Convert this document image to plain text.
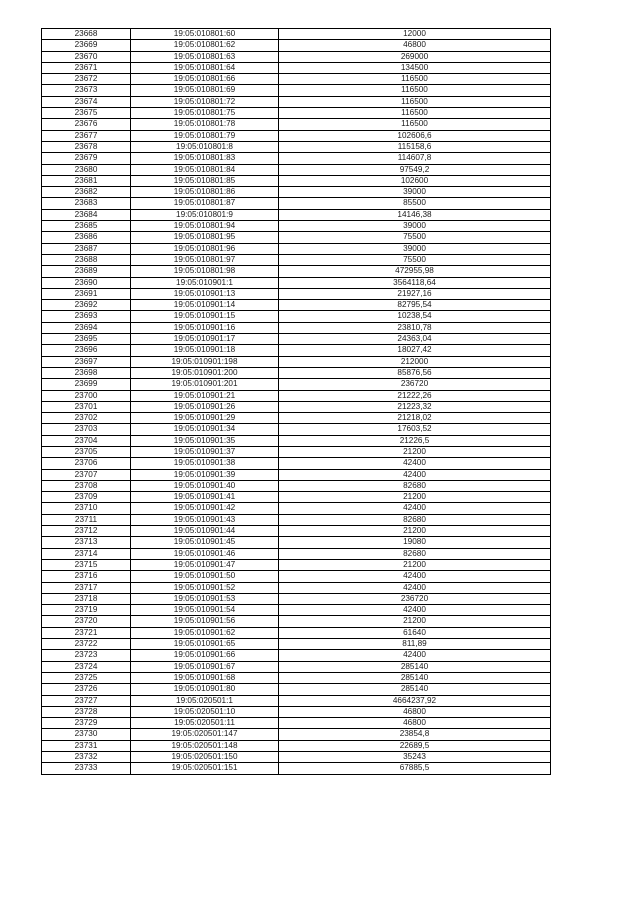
23668	19:05:010801:60	12000
23669	19:05:010801:62	46800
23670	19:05:010801:63	269000
23671	19:05:010801:64	134500
23672	19:05:010801:66	116500
23673	19:05:010801:69	116500
23674	19:05:010801:72	116500
23675	19:05:010801:75	116500
23676	19:05:010801:78	116500
23677	19:05:010801:79	102606,6
23678	19:05:010801:8	115158,6
23679	19:05:010801:83	114607,8
23680	19:05:010801:84	97549,2
23681	19:05:010801:85	102600
23682	19:05:010801:86	39000
23683	19:05:010801:87	85500
23684	19:05:010801:9	14146,38
23685	19:05:010801:94	39000
23686	19:05:010801:95	75500
23687	19:05:010801:96	39000
23688	19:05:010801:97	75500
23689	19:05:010801:98	472955,98
23690	19:05:010901:1	3564118,64
23691	19:05:010901:13	21927,16
23692	19:05:010901:14	82795,54
23693	19:05:010901:15	10238,54
23694	19:05:010901:16	23810,78
23695	19:05:010901:17	24363,04
23696	19:05:010901:18	18027,42
23697	19:05:010901:198	212000
23698	19:05:010901:200	85876,56
23699	19:05:010901:201	236720
23700	19:05:010901:21	21222,26
23701	19:05:010901:26	21223,32
23702	19:05:010901:29	21218,02
23703	19:05:010901:34	17603,52
23704	19:05:010901:35	21226,5
23705	19:05:010901:37	21200
23706	19:05:010901:38	42400
23707	19:05:010901:39	42400
23708	19:05:010901:40	82680
23709	19:05:010901:41	21200
23710	19:05:010901:42	42400
23711	19:05:010901:43	82680
23712	19:05:010901:44	21200
23713	19:05:010901:45	19080
23714	19:05:010901:46	82680
23715	19:05:010901:47	21200
23716	19:05:010901:50	42400
23717	19:05:010901:52	42400
23718	19:05:010901:53	236720
23719	19:05:010901:54	42400
23720	19:05:010901:56	21200
23721	19:05:010901:62	61640
23722	19:05:010901:65	811,89
23723	19:05:010901:66	42400
23724	19:05:010901:67	285140
23725	19:05:010901:68	285140
23726	19:05:010901:80	285140
23727	19:05:020501:1	4664237,92
23728	19:05:020501:10	46800
23729	19:05:020501:11	46800
23730	19:05:020501:147	23854,8
23731	19:05:020501:148	22689,5
23732	19:05:020501:150	35243
23733	19:05:020501:151	67885,5
